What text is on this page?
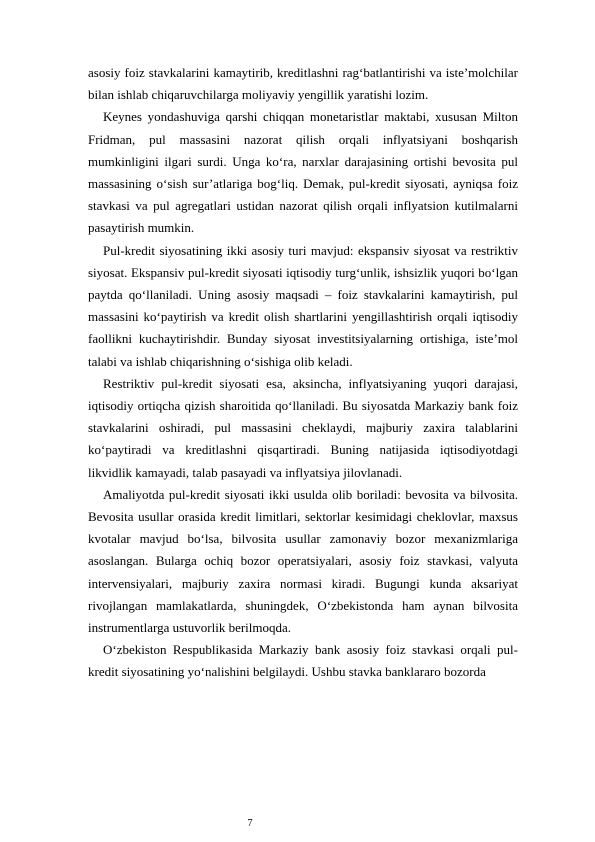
asosiy foiz stavkalarini kamaytirib, kreditlashni rag‘batlantirishi va iste’molchilar bilan ishlab chiqaruvchilarga moliyaviy yengillik yaratishi lozim.

Keynes yondashuviga qarshi chiqqan monetaristlar maktabi, xususan Milton Fridman, pul massasini nazorat qilish orqali inflyatsiyani boshqarish mumkinligini ilgari surdi. Unga ko‘ra, narxlar darajasining ortishi bevosita pul massasining o‘sish sur’atlariga bog‘liq. Demak, pul-kredit siyosati, ayniqsa foiz stavkasi va pul agregatlari ustidan nazorat qilish orqali inflyatsion kutilmalarni pasaytirish mumkin.

Pul-kredit siyosatining ikki asosiy turi mavjud: ekspansiv siyosat va restriktiv siyosat. Ekspansiv pul-kredit siyosati iqtisodiy turg‘unlik, ishsizlik yuqori bo‘lgan paytda qo‘llaniladi. Uning asosiy maqsadi – foiz stavkalarini kamaytirish, pul massasini ko‘paytirish va kredit olish shartlarini yengillashtirish orqali iqtisodiy faollikni kuchaytirishdir. Bunday siyosat investitsiyalarning ortishiga, iste’mol talabi va ishlab chiqarishning o‘sishiga olib keladi.

Restriktiv pul-kredit siyosati esa, aksincha, inflyatsiyaning yuqori darajasi, iqtisodiy ortiqcha qizish sharoitida qo‘llaniladi. Bu siyosatda Markaziy bank foiz stavkalarini oshiradi, pul massasini cheklaydi, majburiy zaxira talablarini ko‘paytiradi va kreditlashni qisqartiradi. Buning natijasida iqtisodiyotdagi likvidlik kamayadi, talab pasayadi va inflyatsiya jilovlanadi.

Amaliyotda pul-kredit siyosati ikki usulda olib boriladi: bevosita va bilvosita. Bevosita usullar orasida kredit limitlari, sektorlar kesimidagi cheklovlar, maxsus kvotalar mavjud bo‘lsa, bilvosita usullar zamonaviy bozor mexanizmlariga asoslangan. Bularga ochiq bozor operatsiyalari, asosiy foiz stavkasi, valyuta intervensiyalari, majburiy zaxira normasi kiradi. Bugungi kunda aksariyat rivojlangan mamlakatlarda, shuningdek, O‘zbekistonda ham aynan bilvosita instrumentlarga ustuvorlik berilmoqda.

O‘zbekiston Respublikasida Markaziy bank asosiy foiz stavkasi orqali pul-kredit siyosatining yo‘nalishini belgilaydi. Ushbu stavka banklararo bozorda

7
